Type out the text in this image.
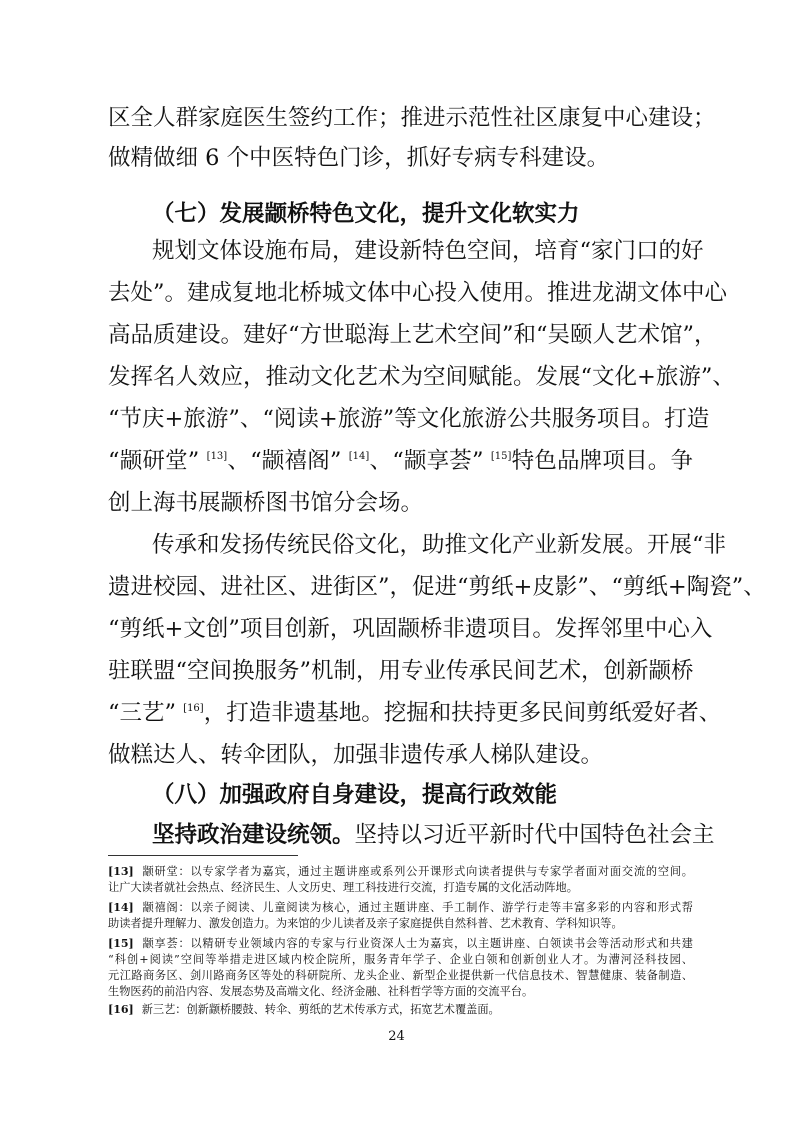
区全人群家庭医生签约工作；推进示范性社区康复中心建设；
做精做细 6 个中医特色门诊，抓好专病专科建设。
（七）发展颛桥特色文化，提升文化软实力
规划文体设施布局，建设新特色空间，培育“家门口的好
去处”。建成复地北桥城文体中心投入使用。推进龙湖文体中心
高品质建设。建好“方世聪海上艺术空间”和“吴颐人艺术馆”，
发挥名人效应，推动文化艺术为空间赋能。发展“文化+旅游”、
“节庆+旅游”、“阅读+旅游”等文化旅游公共服务项目。打造
“颛研堂” [13]、“颛禧阁” [14]、“颛享荟” [15]特色品牌项目。争
创上海书展颛桥图书馆分会场。
传承和发扬传统民俗文化，助推文化产业新发展。开展“非
遗进校园、进社区、进街区”，促进“剪纸+皮影”、“剪纸+陶瓷”、
“剪纸+文创”项目创新，巩固颛桥非遗项目。发挥邻里中心入
驻联盟“空间换服务”机制，用专业传承民间艺术，创新颛桥
“三艺” [16]，打造非遗基地。挖掘和扶持更多民间剪纸爱好者、
做糕达人、转伞团队，加强非遗传承人梯队建设。
（八）加强政府自身建设，提高行政效能
坚持政治建设统领。坚持以习近平新时代中国特色社会主
[13] 颛研堂：以专家学者为嘉宾，通过主题讲座或系列公开课形式向读者提供与专家学者面对面交流的空间。
让广大读者就社会热点、经济民生、人文历史、理工科技进行交流，打造专属的文化活动阵地。
[14] 颛禧阁：以亲子阅读、儿童阅读为核心，通过主题讲座、手工制作、游学行走等丰富多彩的内容和形式帮
助读者提升理解力、激发创造力。为来馆的少儿读者及亲子家庭提供自然科普、艺术教育、学科知识等。
[15] 颛享荟：以精研专业领域内容的专家与行业资深人士为嘉宾，以主题讲座、白领读书会等活动形式和共建
“科创+阅读”空间等举措走进区域内校企院所，服务青年学子、企业白领和创新创业人才。为漕河泾科技园、
元江路商务区、剑川路商务区等处的科研院所、龙头企业、新型企业提供新一代信息技术、智慧健康、装备制造、
生物医药的前沿内容、发展态势及高端文化、经济金融、社科哲学等方面的交流平台。
[16] 新三艺：创新颛桥腰鼓、转伞、剪纸的艺术传承方式，拓宽艺术覆盖面。
24
